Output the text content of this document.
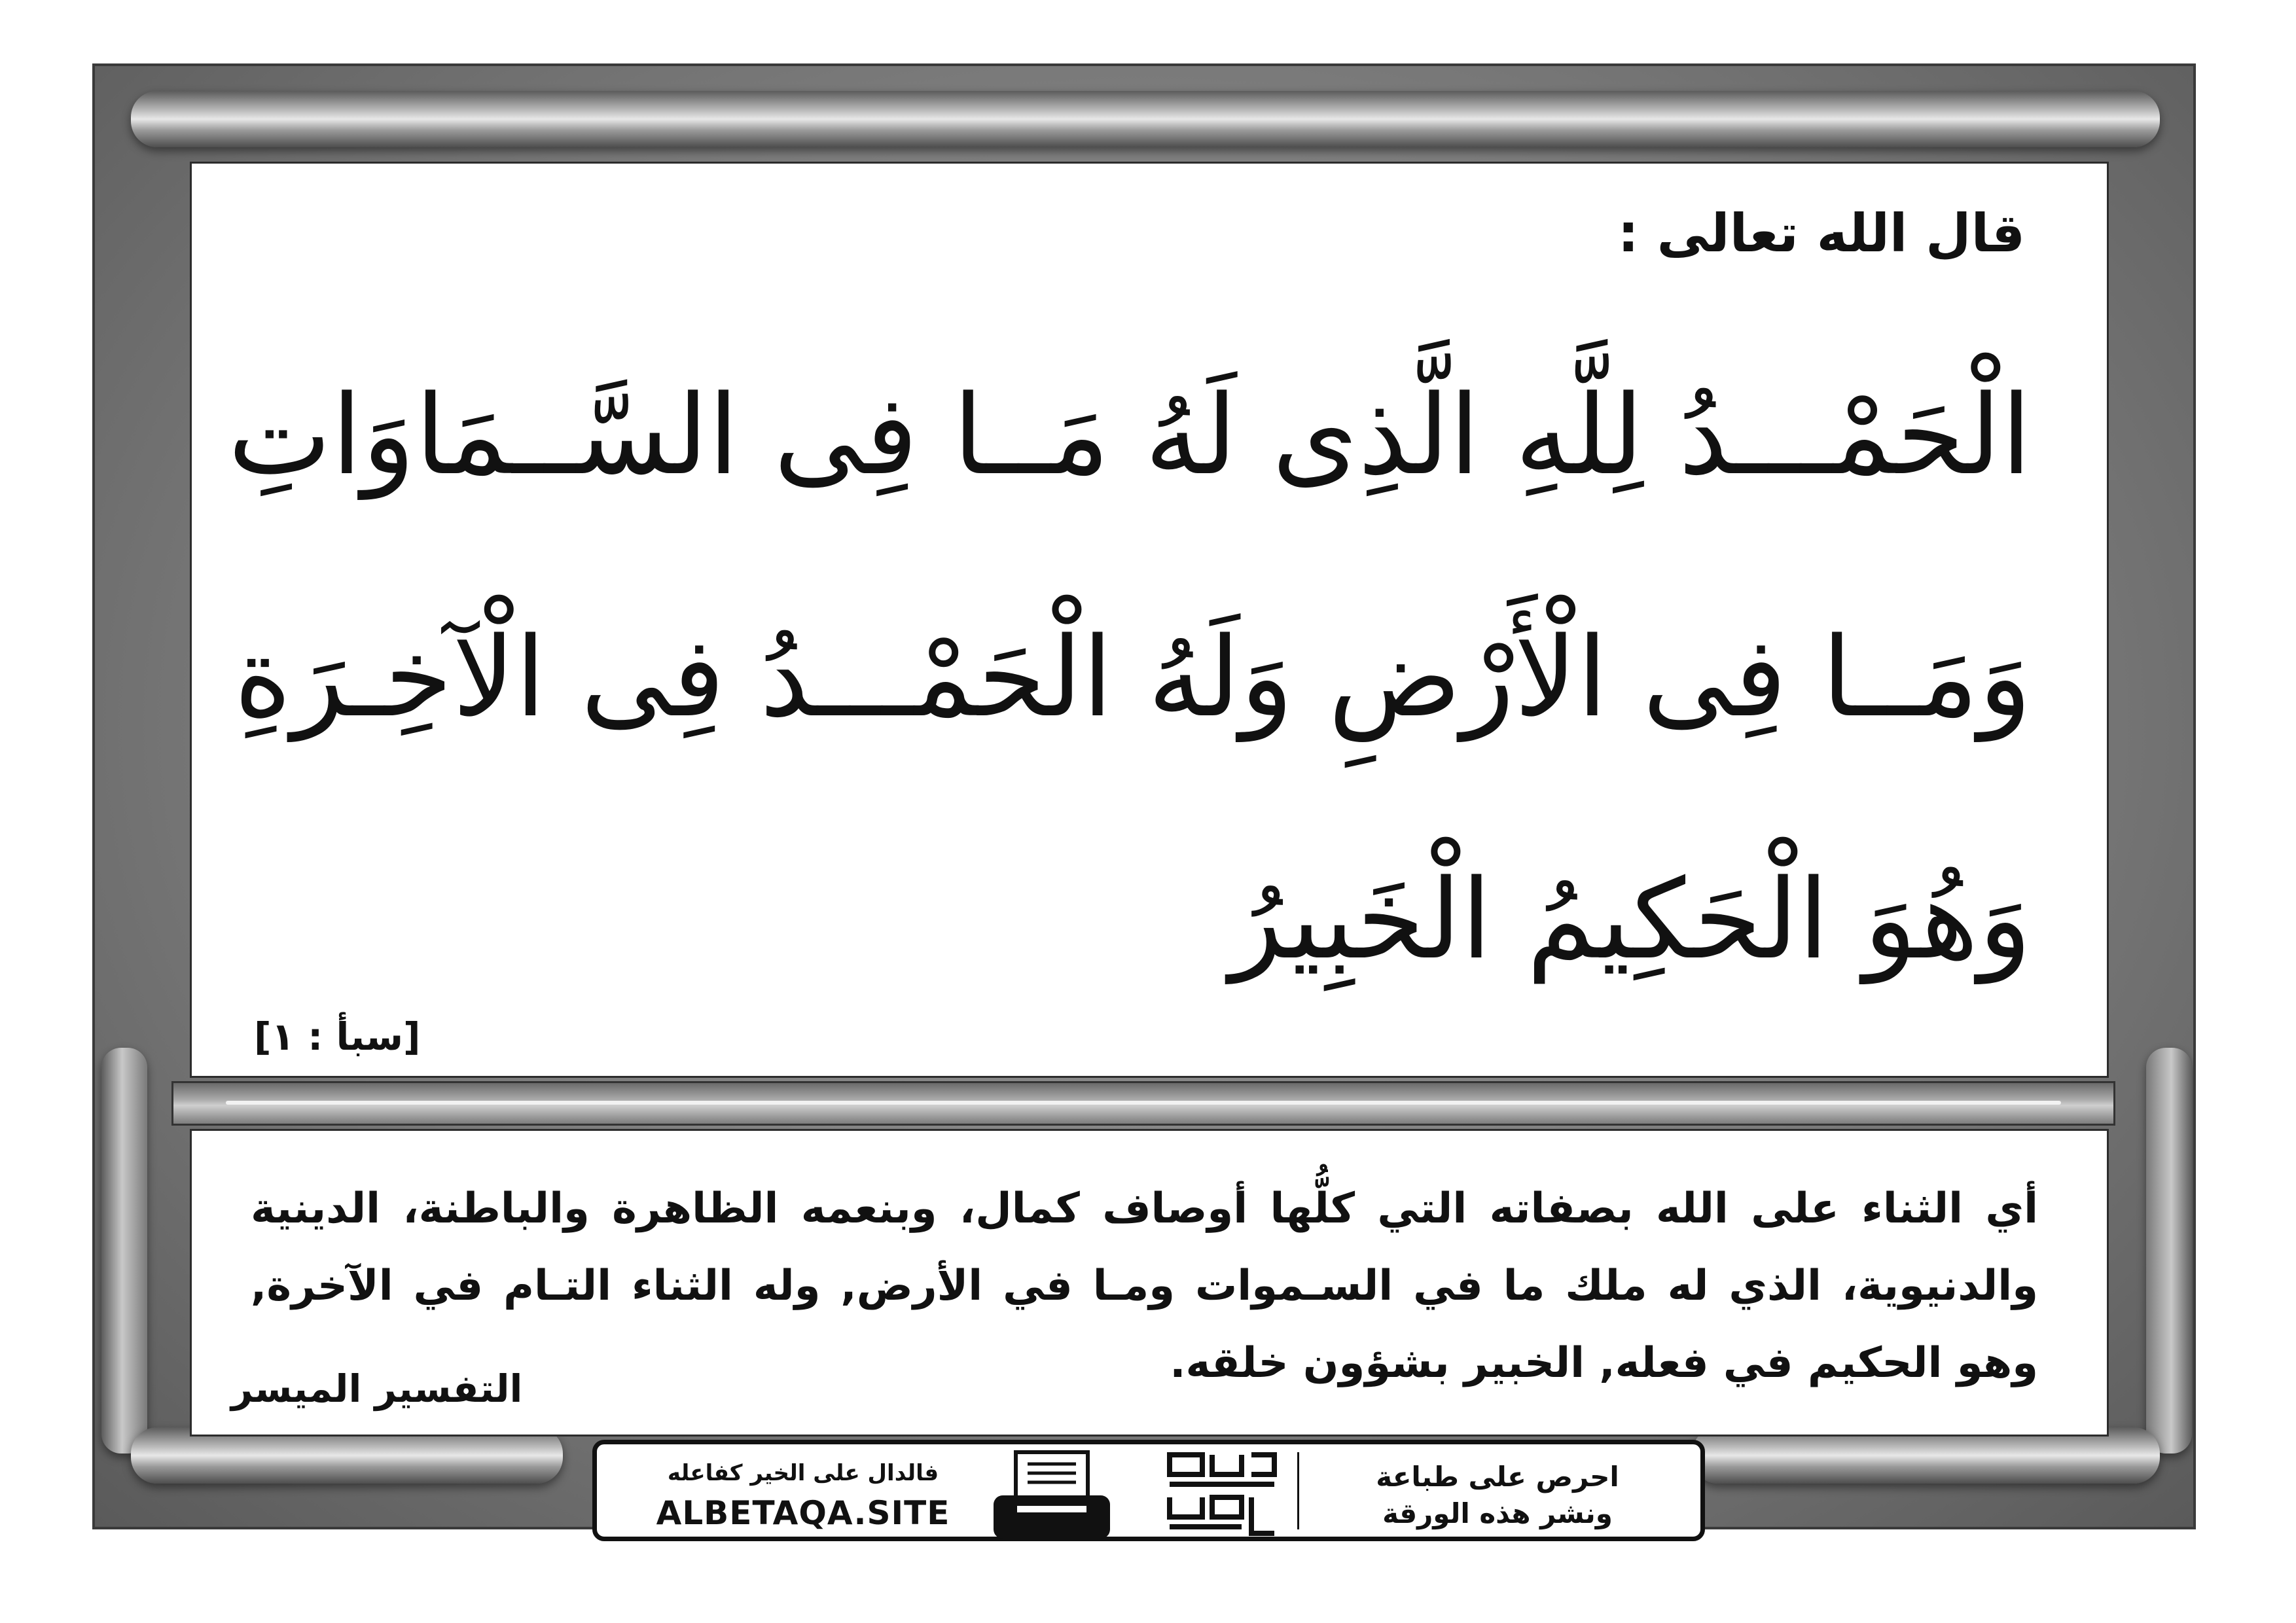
قال الله تعالى :
الْحَمْـــدُ لِلَّهِ الَّذِى لَهُ مَــا فِى السَّــمَاوَاتِ
وَمَــا فِى الْأَرْضِ وَلَهُ الْحَمْـــدُ فِى الْآخِـرَةِ
وَهُوَ الْحَكِيمُ الْخَبِيرُ
[سبأ : ١]
أي الثناء على الله بصفاته التي كلُّها أوصاف كمال، وبنعمه الظاهرة والباطنة، الدينية والدنيوية، الذي له ملك ما في السـموات ومـا في الأرض, وله الثناء التـام في الآخرة, وهو الحكيم في فعله, الخبير بشؤون خلقه.
التفسير الميسر
فالدال على الخير كفاعله
ALBETAQA.SITE
احرص على طباعة
ونشر هذه الورقة
